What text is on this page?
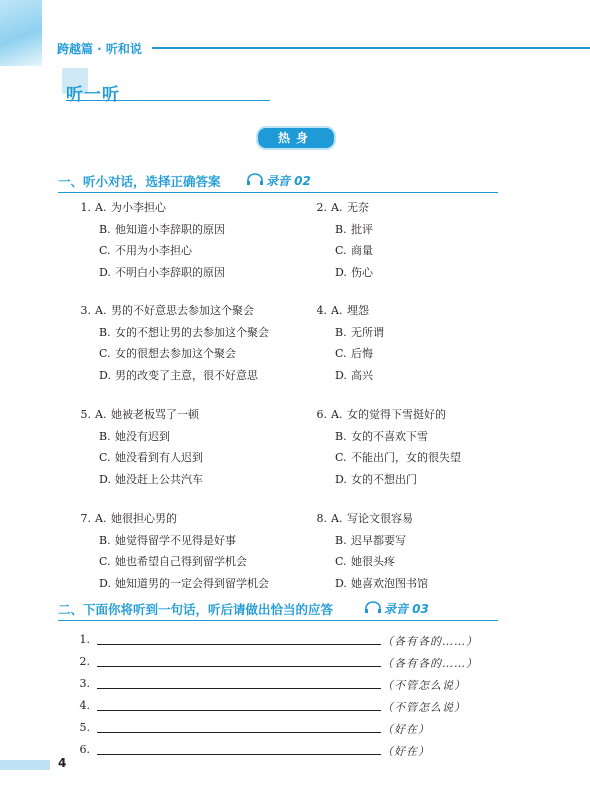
跨越篇 · 听和说
听一听
热身
一、听小对话，选择正确答案	录音 02
1. A. 为小李担心
B. 他知道小李辞职的原因
C. 不用为小李担心
D. 不明白小李辞职的原因
2. A. 无奈
B. 批评
C. 商量
D. 伤心
3. A. 男的不好意思去参加这个聚会
B. 女的不想让男的去参加这个聚会
C. 女的很想去参加这个聚会
D. 男的改变了主意，很不好意思
4. A. 埋怨
B. 无所谓
C. 后悔
D. 高兴
5. A. 她被老板骂了一顿
B. 她没有迟到
C. 她没看到有人迟到
D. 她没赶上公共汽车
6. A. 女的觉得下雪挺好的
B. 女的不喜欢下雪
C. 不能出门，女的很失望
D. 女的不想出门
7. A. 她很担心男的
B. 她觉得留学不见得是好事
C. 她也希望自己得到留学机会
D. 她知道男的一定会得到留学机会
8. A. 写论文很容易
B. 迟早都要写
C. 她很头疼
D. 她喜欢泡图书馆
二、下面你将听到一句话，听后请做出恰当的应答	录音 03
1.	（各有各的……）
2.	（各有各的……）
3.	（不管怎么说）
4.	（不管怎么说）
5.	（好在）
6.	（好在）
4
